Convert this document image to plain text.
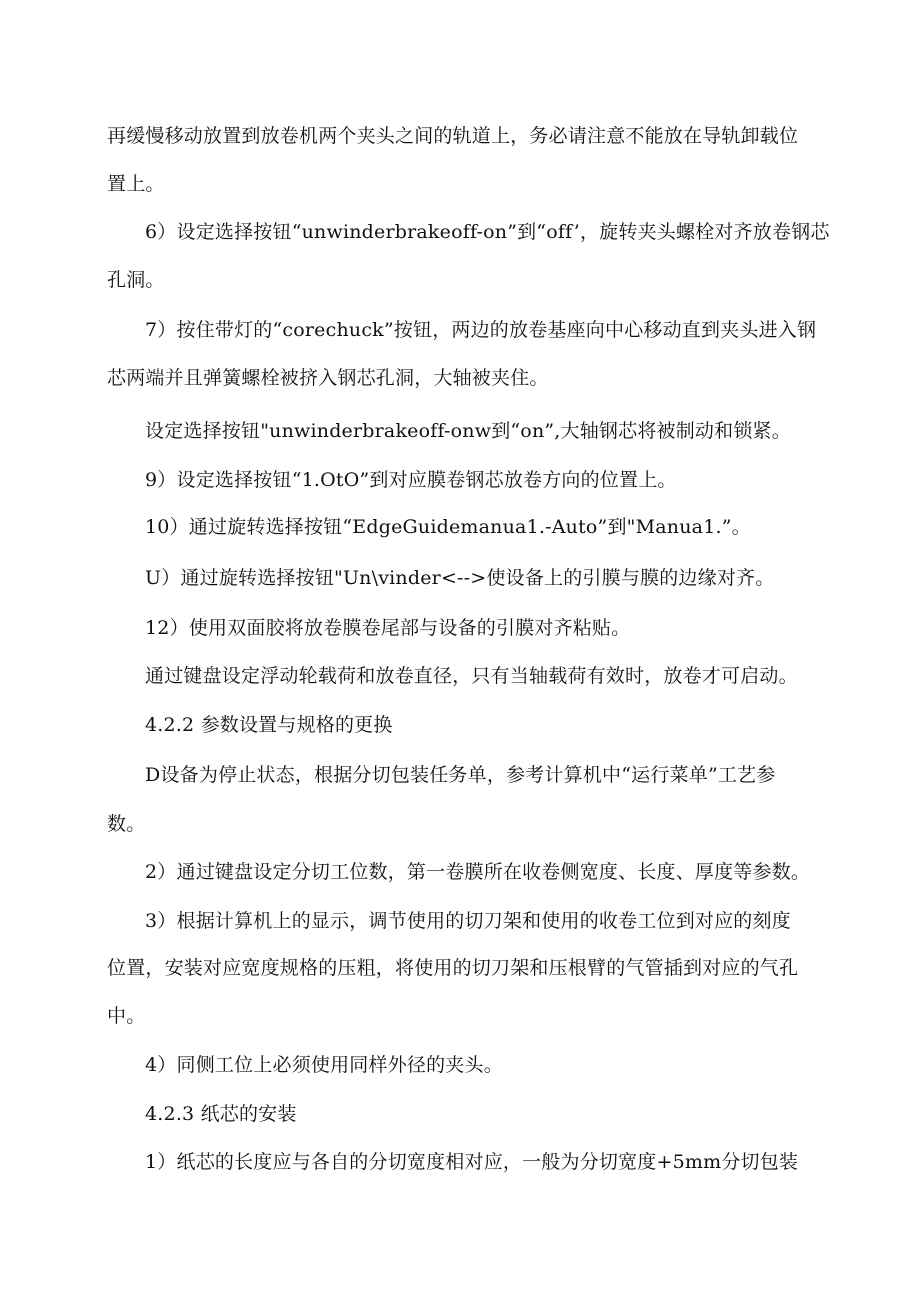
再缓慢移动放置到放卷机两个夹头之间的轨道上，务必请注意不能放在导轨卸载位

置上。

6）设定选择按钮“unwinderbrakeoff-on”到“off’，旋转夹头螺栓对齐放卷钢芯

孔洞。

7）按住带灯的“corechuck”按钮，两边的放卷基座向中心移动直到夹头进入钢

芯两端并且弹簧螺栓被挤入钢芯孔洞，大轴被夹住。

设定选择按钮"unwinderbrakeoff-onw到“on”,大轴钢芯将被制动和锁紧。

9）设定选择按钮“1.OtO”到对应膜卷钢芯放卷方向的位置上。

10）通过旋转选择按钮“EdgeGuidemanua1.-Auto”到"Manua1.”。

U）通过旋转选择按钮"Un\vinder<-->使设备上的引膜与膜的边缘对齐。

12）使用双面胶将放卷膜卷尾部与设备的引膜对齐粘贴。

通过键盘设定浮动轮载荷和放卷直径，只有当轴载荷有效时，放卷才可启动。

4.2.2 参数设置与规格的更换

D设备为停止状态，根据分切包装任务单，参考计算机中“运行菜单”工艺参

数。

2）通过键盘设定分切工位数，第一卷膜所在收卷侧宽度、长度、厚度等参数。

3）根据计算机上的显示，调节使用的切刀架和使用的收卷工位到对应的刻度

位置，安装对应宽度规格的压粗，将使用的切刀架和压根臂的气管插到对应的气孔

中。

4）同侧工位上必须使用同样外径的夹头。

4.2.3 纸芯的安装

1）纸芯的长度应与各自的分切宽度相对应，一般为分切宽度+5mm分切包装
